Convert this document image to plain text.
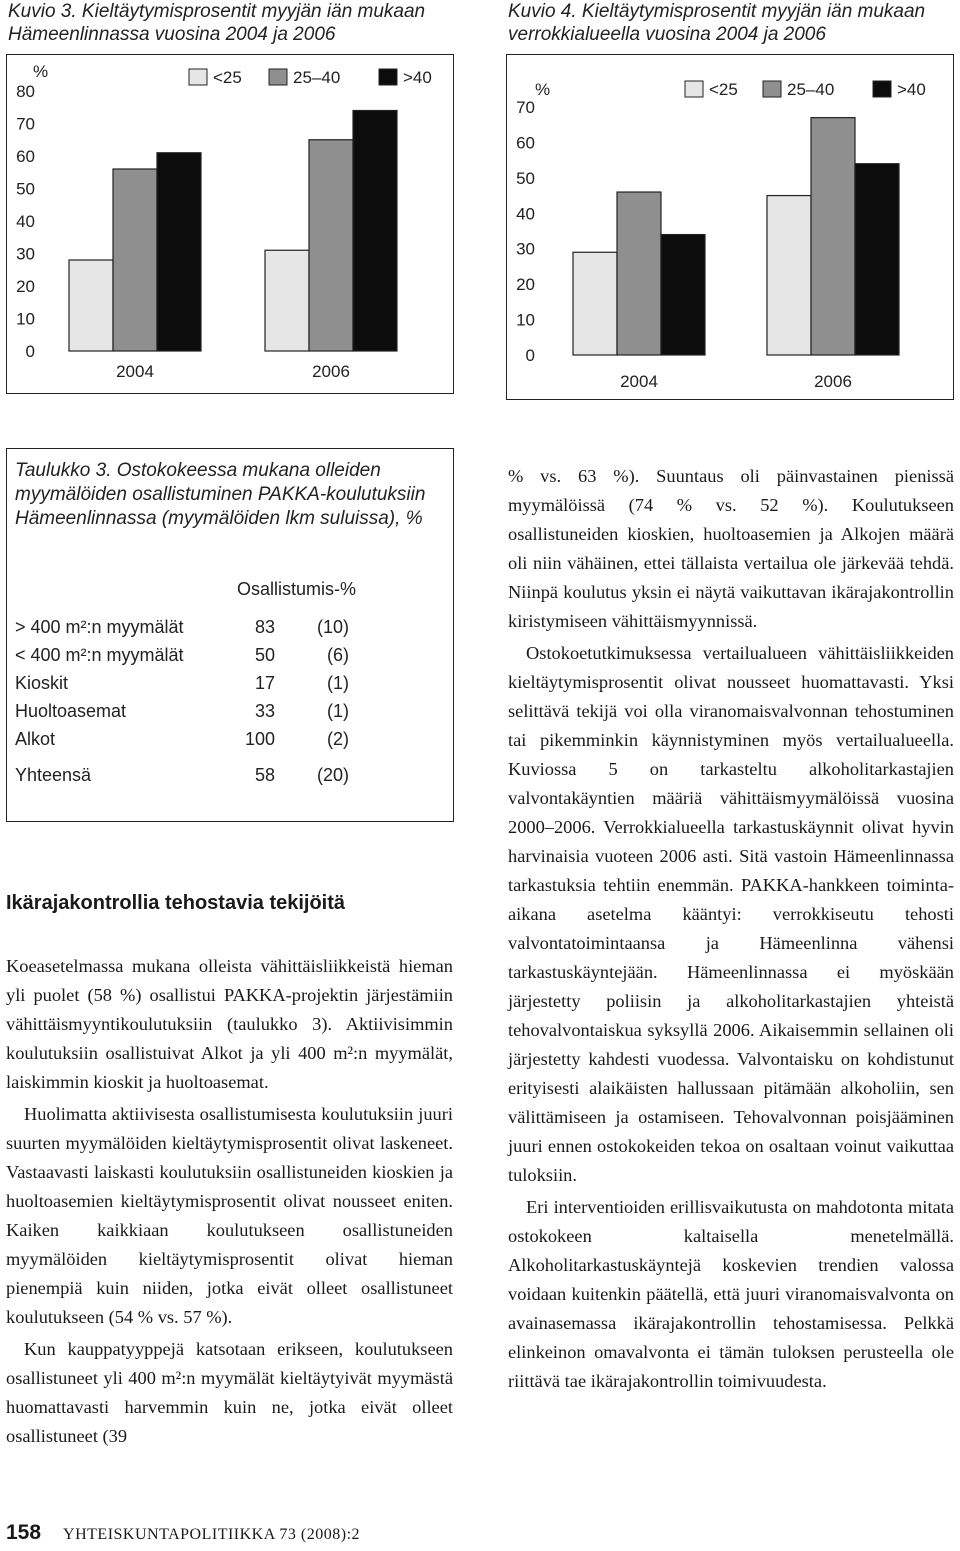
Kuvio 3. Kieltäytymisprosentit myyjän iän mukaan Hämeenlinnassa vuosina 2004 ja 2006
Kuvio 4. Kieltäytymisprosentit myyjän iän mukaan verrokkialueella vuosina 2004 ja 2006
%
0
10
20
30
40
50
60
70
80
<25	25–40	>40
2004	2006
%
0
10
20
30
40
50
60
70
<25	25–40	>40
2004	2006
Taulukko 3. Ostokokeessa mukana olleiden myymälöiden osallistuminen PAKKA-koulutuksiin Hämeenlinnassa (myymälöiden lkm suluissa), %
Osallistumis-%
> 400 m²:n myymälät	83 (10)
< 400 m²:n myymälät	50	(6)
Kioskit	17	(1)
Huoltoasemat	33	(1)
Alkot	100	(2)
Yhteensä	58 (20)
Ikärajakontrollia tehostavia tekijöitä

Koeasetelmassa mukana olleista vähittäisliikkeistä hieman yli puolet (58 %) osallistui PAKKA-projektin järjestämiin vähittäismyyntikoulutuksiin (taulukko 3). Aktiivisimmin koulutuksiin osallistuivat Alkot ja yli 400 m²:n myymälät, laiskimmin kioskit ja huoltoasemat.

Huolimatta aktiivisesta osallistumisesta koulutuksiin juuri suurten myymälöiden kieltäytymisprosentit olivat laskeneet. Vastaavasti laiskasti koulutuksiin osallistuneiden kioskien ja huoltoasemien kieltäytymisprosentit olivat nousseet eniten. Kaiken kaikkiaan koulutukseen osallistuneiden myymälöiden kieltäytymisprosentit olivat hieman pienempiä kuin niiden, jotka eivät olleet osallistuneet koulutukseen (54 % vs. 57 %).

Kun kauppatyyppejä katsotaan erikseen, koulutukseen osallistuneet yli 400 m²:n myymälät kieltäytyivät myymästä huomattavasti harvemmin kuin ne, jotka eivät olleet osallistuneet (39

% vs. 63 %). Suuntaus oli päinvastainen pienissä myymälöissä (74 % vs. 52 %). Koulutukseen osallistuneiden kioskien, huoltoasemien ja Alkojen määrä oli niin vähäinen, ettei tällaista vertailua ole järkevää tehdä. Niinpä koulutus yksin ei näytä vaikuttavan ikärajakontrollin kiristymiseen vähittäismyynnissä.

Ostokoetutkimuksessa vertailualueen vähittäisliikkeiden kieltäytymisprosentit olivat nousseet huomattavasti. Yksi selittävä tekijä voi olla viranomaisvalvonnan tehostuminen tai pikemminkin käynnistyminen myös vertailualueella. Kuviossa 5 on tarkasteltu alkoholitarkastajien valvontakäyntien määriä vähittäismyymälöissä vuosina 2000–2006. Verrokkialueella tarkastuskäynnit olivat hyvin harvinaisia vuoteen 2006 asti. Sitä vastoin Hämeenlinnassa tarkastuksia tehtiin enemmän. PAKKA-hankkeen toiminta-aikana asetelma kääntyi: verrokkiseutu tehosti valvontatoimintaansa ja Hämeenlinna vähensi tarkastuskäyntejään. Hämeenlinnassa ei myöskään järjestetty poliisin ja alkoholitarkastajien yhteistä tehovalvontaiskua syksyllä 2006. Aikaisemmin sellainen oli järjestetty kahdesti vuodessa. Valvontaisku on kohdistunut erityisesti alaikäisten hallussaan pitämään alkoholiin, sen välittämiseen ja ostamiseen. Tehovalvonnan poisjääminen juuri ennen ostokokeiden tekoa on osaltaan voinut vaikuttaa tuloksiin.

Eri interventioiden erillisvaikutusta on mahdotonta mitata ostokokeen kaltaisella menetelmällä. Alkoholitarkastuskäyntejä koskevien trendien valossa voidaan kuitenkin päätellä, että juuri viranomaisvalvonta on avainasemassa ikärajakontrollin tehostamisessa. Pelkkä elinkeinon omavalvonta ei tämän tuloksen perusteella ole riittävä tae ikärajakontrollin toimivuudesta.

158 YHTEISKUNTAPOLITIIKKA 73 (2008):2
